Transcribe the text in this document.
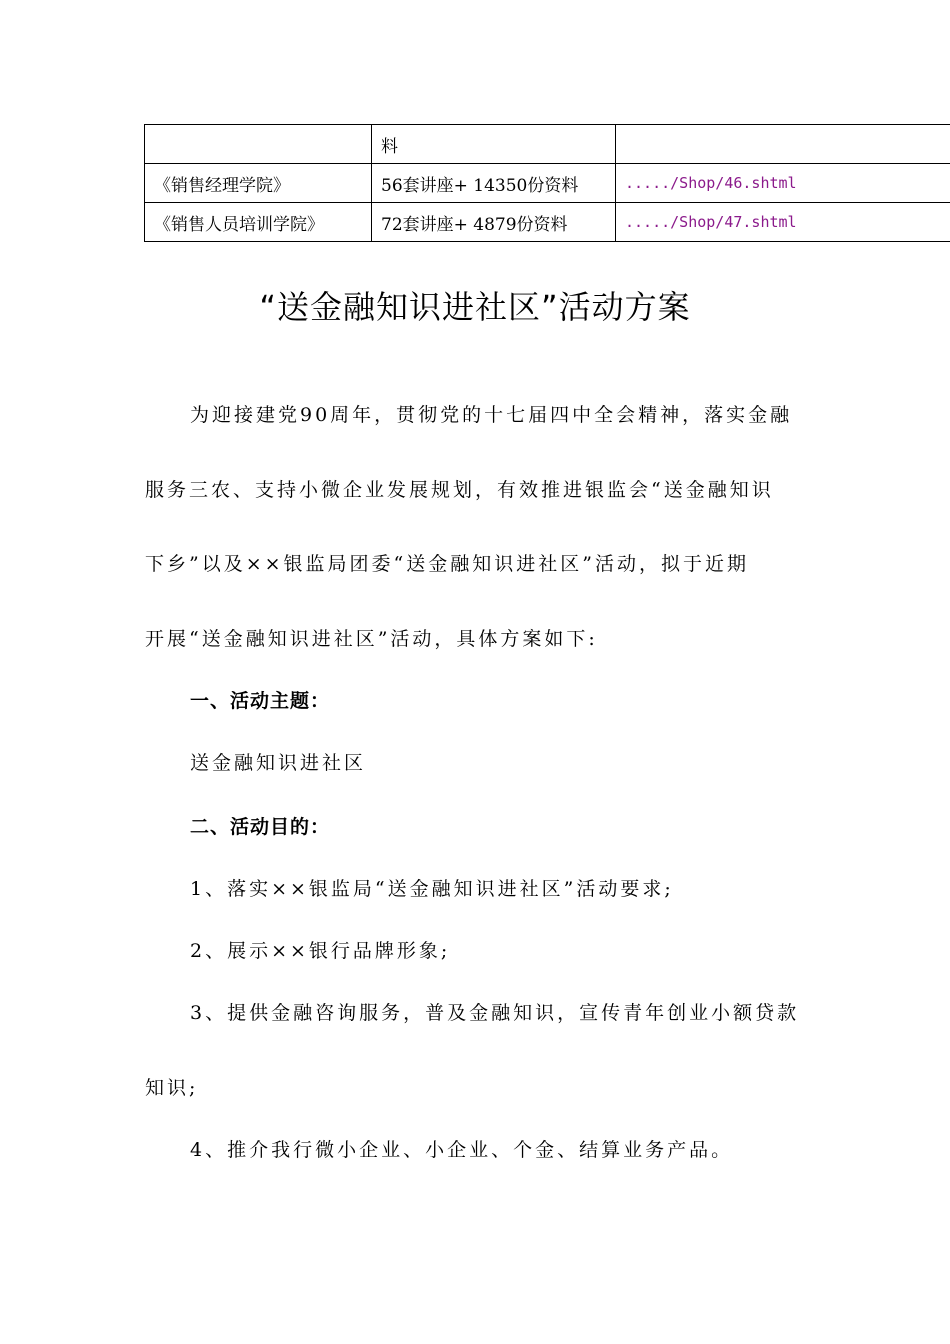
	料	
《销售经理学院》	56套讲座+ 14350份资料	...../Shop/46.shtml
《销售人员培训学院》	72套讲座+ 4879份资料	...../Shop/47.shtml
“送金融知识进社区”活动方案
为迎接建党90周年，贯彻党的十七届四中全会精神，落实金融
服务三农、支持小微企业发展规划，有效推进银监会“送金融知识
下乡”以及××银监局团委“送金融知识进社区”活动，拟于近期
开展“送金融知识进社区”活动，具体方案如下:
一、活动主题：
送金融知识进社区
二、活动目的：
1、落实××银监局“送金融知识进社区”活动要求;
2、展示××银行品牌形象;
3、提供金融咨询服务，普及金融知识，宣传青年创业小额贷款
知识;
4、推介我行微小企业、小企业、个金、结算业务产品。
